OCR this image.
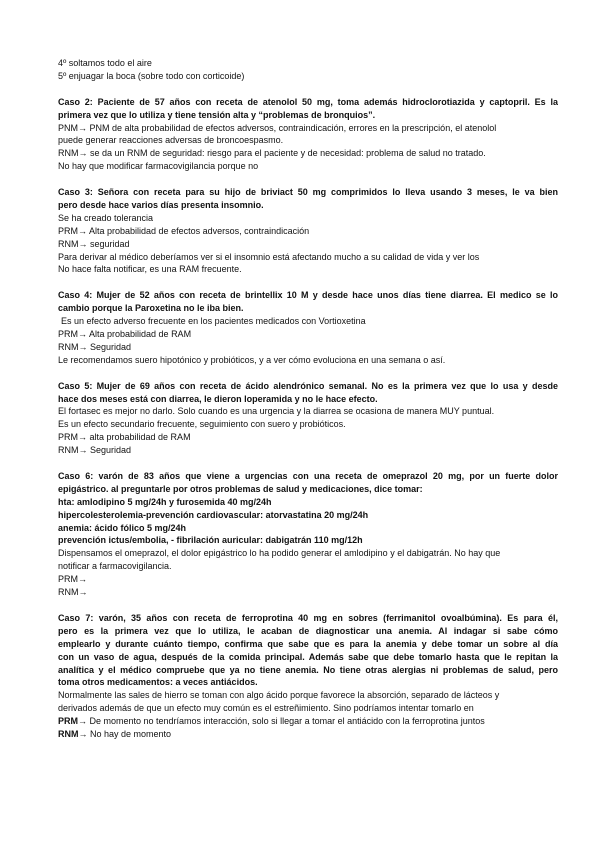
4º soltamos todo el aire
5º enjuagar la boca (sobre todo con corticoide)
Caso 2: Paciente de 57 años con receta de atenolol 50 mg, toma además hidroclorotiazida y captopril. Es la
primera vez que lo utiliza y tiene tensión alta y “problemas de bronquios”.
PNM→ PNM de alta probabilidad de efectos adversos, contraindicación, errores en la prescripción, el atenolol
puede generar reacciones adversas de broncoespasmo.
RNM→ se da un RNM de seguridad: riesgo para el paciente y de necesidad: problema de salud no tratado.
No hay que modificar farmacovigilancia porque no
Caso 3: Señora con receta para su hijo de briviact 50 mg comprimidos lo lleva usando 3 meses, le va bien
pero desde hace varios días presenta insomnio.
Se ha creado tolerancia
PRM→ Alta probabilidad de efectos adversos, contraindicación
RNM→ seguridad
Para derivar al médico deberíamos ver si el insomnio está afectando mucho a su calidad de vida y ver los
No hace falta notificar, es una RAM frecuente.
Caso 4: Mujer de 52 años con receta de brintellix 10 M y desde hace unos días tiene diarrea. El medico se lo
cambio porque la Paroxetina no le iba bien.
Es un efecto adverso frecuente en los pacientes medicados con Vortioxetina
PRM→ Alta probabilidad de RAM
RNM→ Seguridad
Le recomendamos suero hipotónico y probióticos, y a ver cómo evoluciona en una semana o así.
Caso 5: Mujer de 69 años con receta de ácido alendrónico semanal. No es la primera vez que lo usa y desde
hace dos meses está con diarrea, le dieron loperamida y no le hace efecto.
El fortasec es mejor no darlo. Solo cuando es una urgencia y la diarrea se ocasiona de manera MUY puntual.
Es un efecto secundario frecuente, seguimiento con suero y probióticos.
PRM→ alta probabilidad de RAM
RNM→ Seguridad
Caso 6: varón de 83 años que viene a urgencias con una receta de omeprazol 20 mg, por un fuerte dolor
epigástrico. al preguntarle por otros problemas de salud y medicaciones, dice tomar:
hta: amlodipino 5 mg/24h y furosemida 40 mg/24h
hipercolesterolemia-prevención cardiovascular: atorvastatina 20 mg/24h
anemia: ácido fólico 5 mg/24h
prevención ictus/embolia, - fibrilación auricular: dabigatrán 110 mg/12h
Dispensamos el omeprazol, el dolor epigástrico lo ha podido generar el amlodipino y el dabigatrán. No hay que
notificar a farmacovigilancia.
PRM→
RNM→
Caso 7: varón, 35 años con receta de ferroprotina 40 mg en sobres (ferrimanitol ovoalbúmina). Es para él,
pero es la primera vez que lo utiliza, le acaban de diagnosticar una anemia. Al indagar si sabe cómo
emplearlo y durante cuánto tiempo, confirma que sabe que es para la anemia y debe tomar un sobre al día
con un vaso de agua, después de la comida principal. Además sabe que debe tomarlo hasta que le repitan la
analítica y el médico compruebe que ya no tiene anemia. No tiene otras alergias ni problemas de salud, pero
toma otros medicamentos: a veces antiácidos.
Normalmente las sales de hierro se toman con algo ácido porque favorece la absorción, separado de lácteos y
derivados además de que un efecto muy común es el estreñimiento. Sino podríamos intentar tomarlo en
PRM→ De momento no tendríamos interacción, solo si llegar a tomar el antiácido con la ferroprotina juntos
RNM→ No hay de momento
